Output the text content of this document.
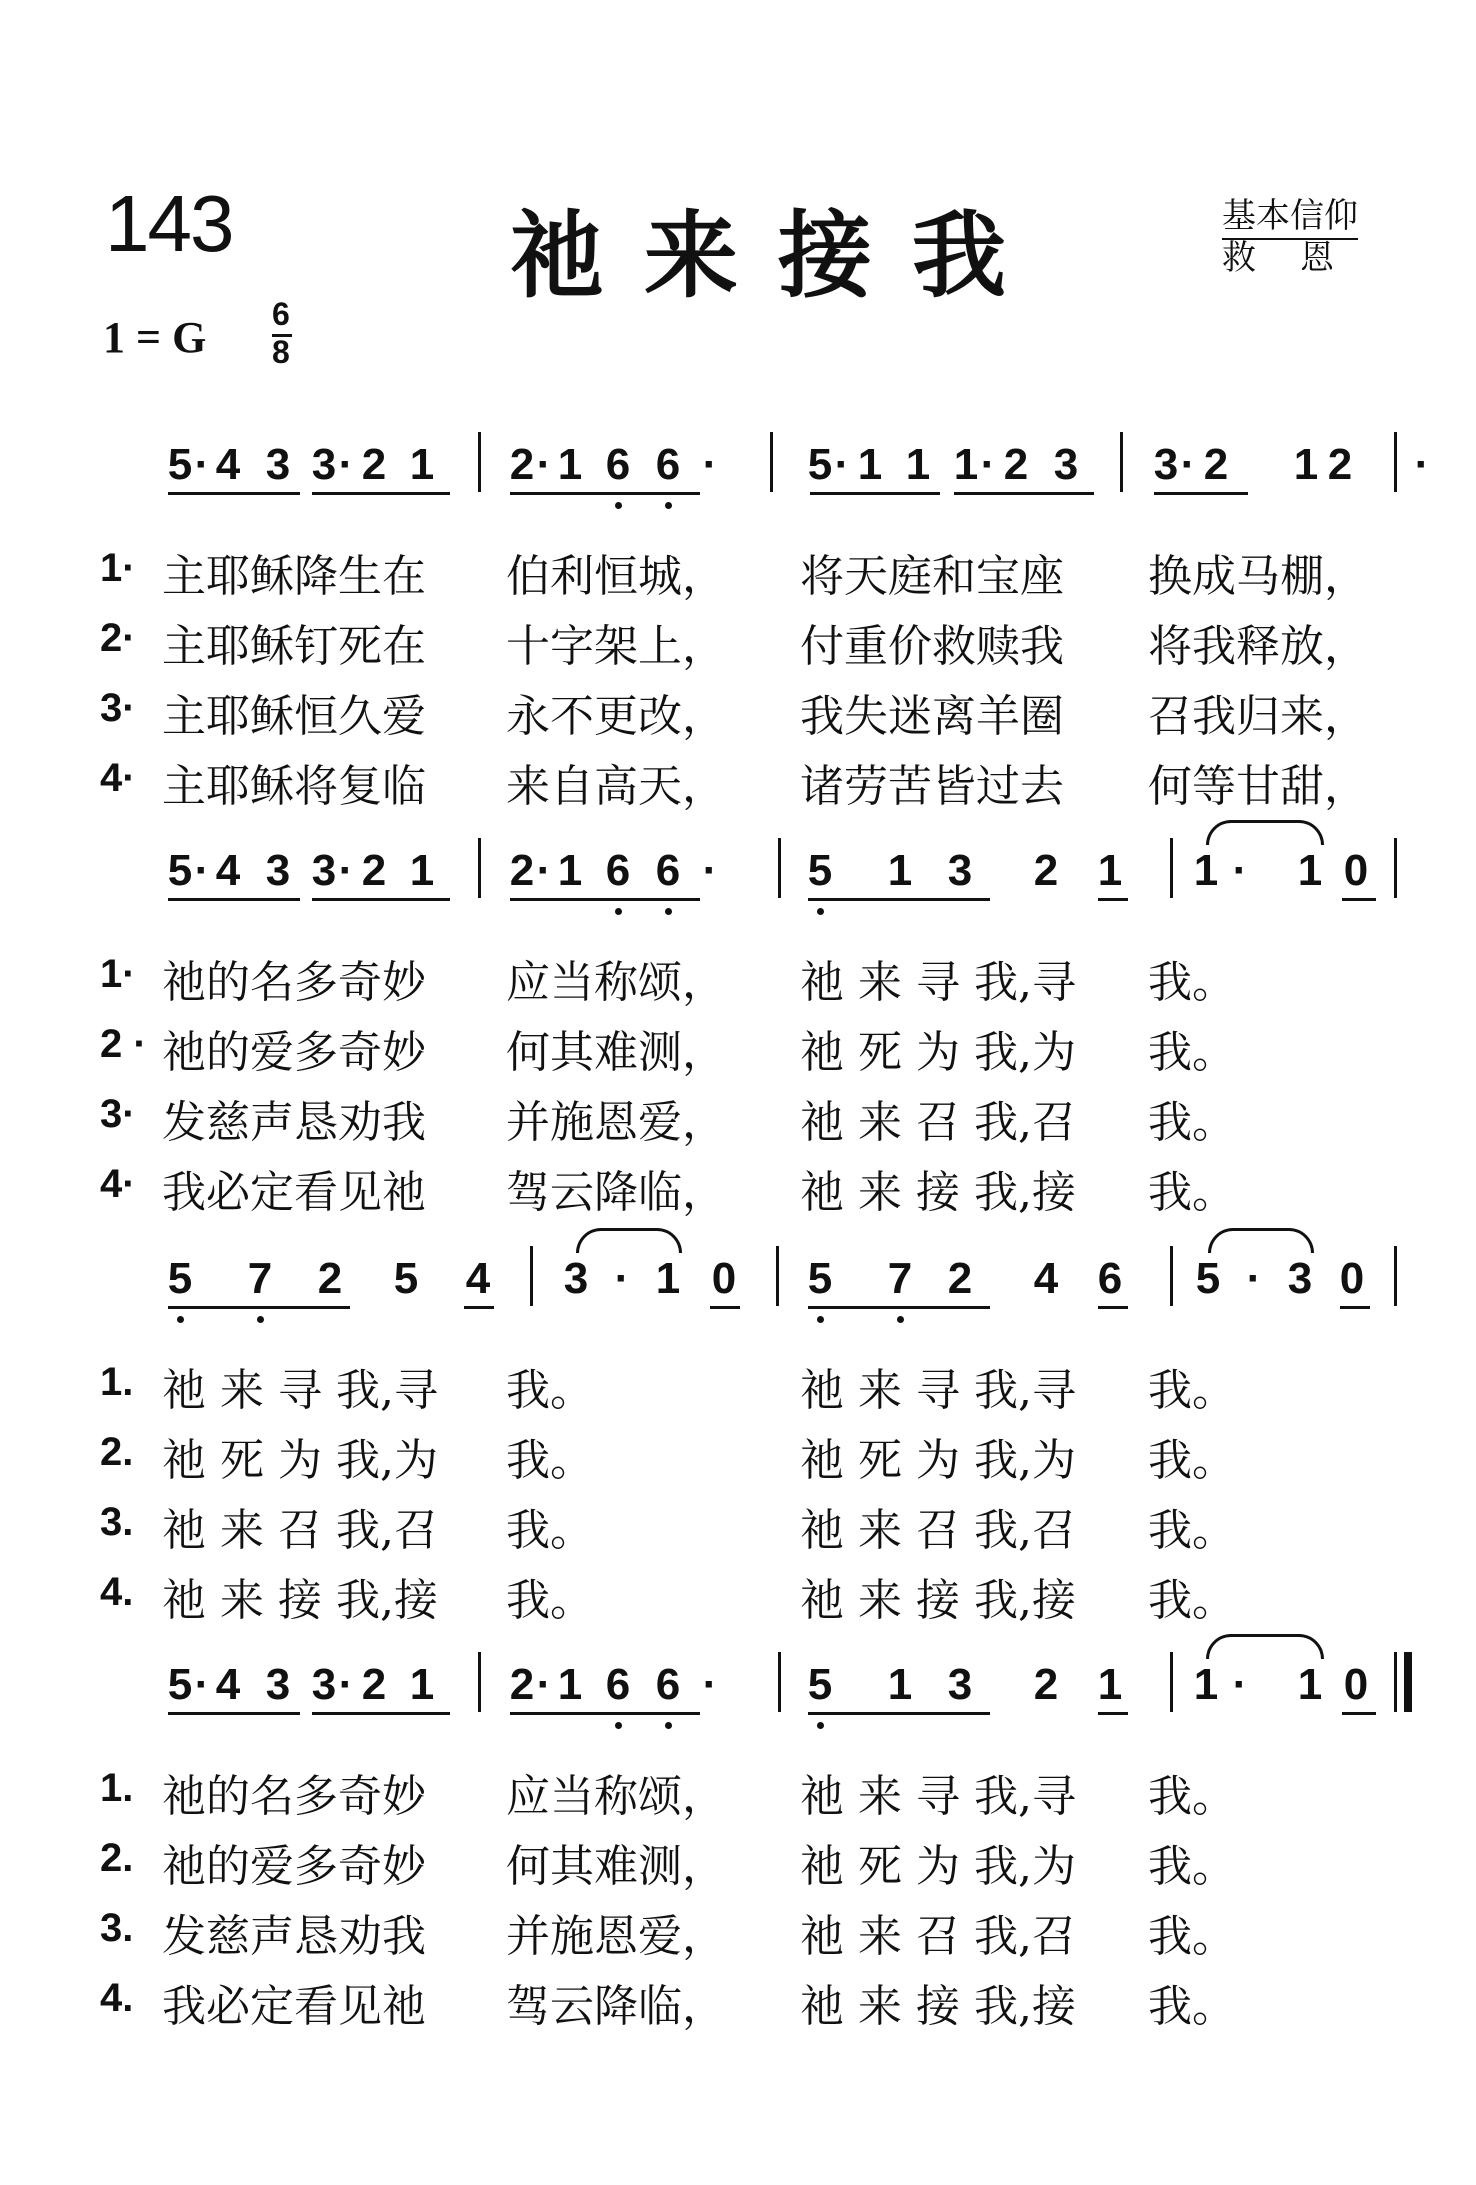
143	祂来接我	基本信仰
救恩
1 = G 6
8
5 · 4 3 3 · 2 1 2 · 1 6 6 · 5 · 1 1 1 · 2 3 3 · 2 1 2 ·
1· 主耶稣降生在 伯利恒城， 将天庭和宝座 换成马棚，
2· 主耶稣钉死在 十字架上， 付重价救赎我 将我释放，
3· 主耶稣恒久爱 永不更改， 我失迷离羊圈 召我归来，
4· 主耶稣将复临 来自高天， 诸劳苦皆过去 何等甘甜，
5 · 4 3 3 · 2 1 2 · 1 6 6 · 5 1 3 2 1 1 · 1 0
1· 祂的名多奇妙 应当称颂， 祂 来 寻 我,寻 我。
2 · 祂的爱多奇妙 何其难测， 祂 死 为 我,为 我。
3· 发慈声恳劝我 并施恩爱， 祂 来 召 我,召 我。
4· 我必定看见祂 驾云降临， 祂 来 接 我,接 我。
5 7 2 5 4 3 · 1 0 5 7 2 4 6 5 · 3 0
1. 祂 来 寻 我,寻 我。	祂 来 寻 我,寻 我。
2. 祂 死 为 我,为 我。	祂 死 为 我,为 我。
3. 祂 来 召 我,召 我。	祂 来 召 我,召 我。
4. 祂 来 接 我,接 我。	祂 来 接 我,接 我。
5 · 4 3 3 · 2 1 2 · 1 6 6 · 5 1 3 2 1 1 · 1 0
1. 祂的名多奇妙 应当称颂， 祂 来 寻 我,寻 我。
2. 祂的爱多奇妙 何其难测， 祂 死 为 我,为 我。
3. 发慈声恳劝我 并施恩爱， 祂 来 召 我,召 我。
4. 我必定看见祂 驾云降临， 祂 来 接 我,接 我。
